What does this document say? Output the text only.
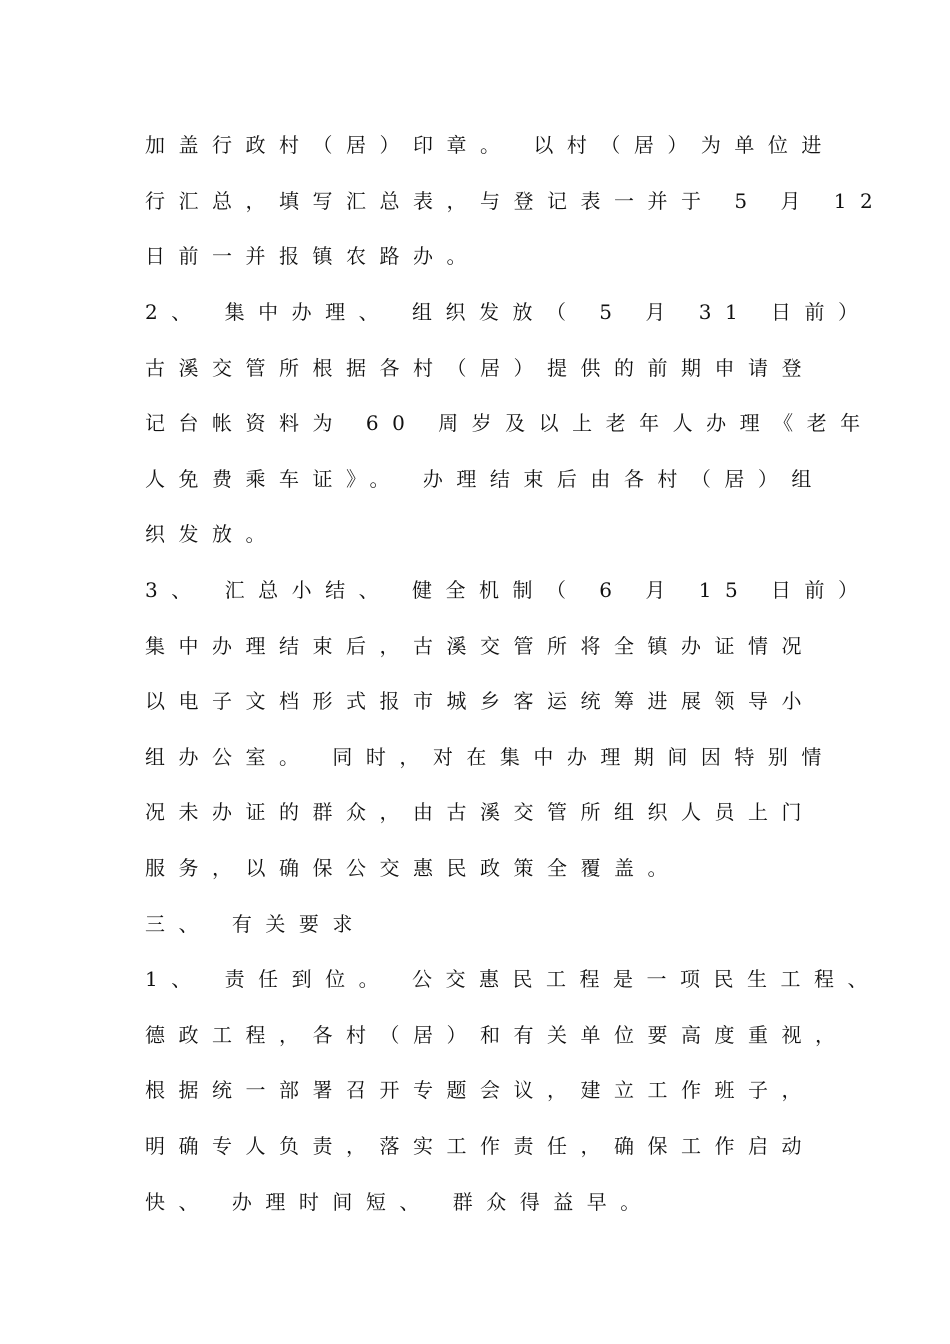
加盖行政村（居）印章。 以村（居）为单位进
行汇总，填写汇总表，与登记表一并于 5 月 12
日前一并报镇农路办。
2、 集中办理、 组织发放（ 5 月 31 日前）
古溪交管所根据各村（居）提供的前期申请登
记台帐资料为 60 周岁及以上老年人办理《老年
人免费乘车证》。 办理结束后由各村（居）组
织发放。
3、 汇总小结、 健全机制（ 6 月 15 日前）
集中办理结束后，古溪交管所将全镇办证情况
以电子文档形式报市城乡客运统筹进展领导小
组办公室。 同时，对在集中办理期间因特别情
况未办证的群众，由古溪交管所组织人员上门
服务，以确保公交惠民政策全覆盖。
三、 有关要求
1、 责任到位。 公交惠民工程是一项民生工程、
德政工程，各村（居）和有关单位要高度重视，
根据统一部署召开专题会议，建立工作班子，
明确专人负责，落实工作责任，确保工作启动
快、 办理时间短、 群众得益早。
